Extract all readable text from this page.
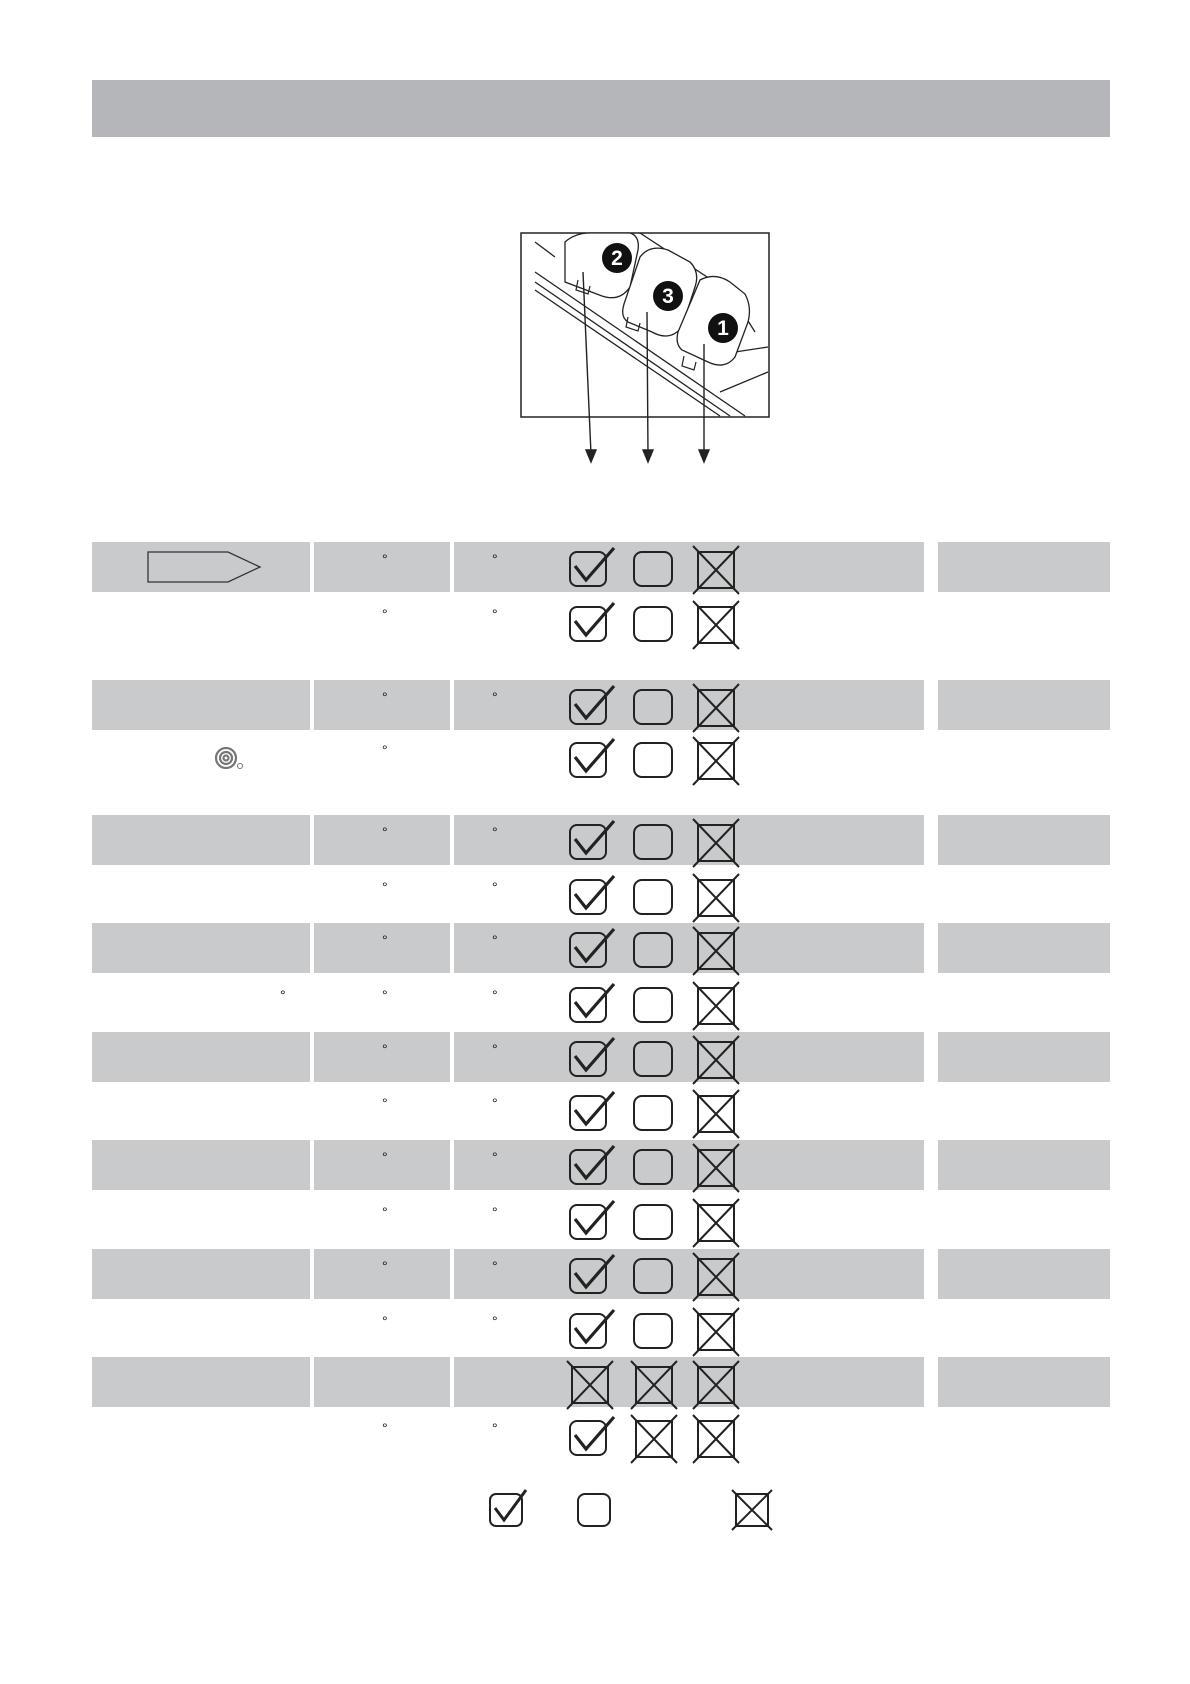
2
3
1
°	°
°	°
°	°
°
°	°
°	°
°	°
°	°
°
°	°
°	°
°	°
°	°
°	°
°	°
°	°
